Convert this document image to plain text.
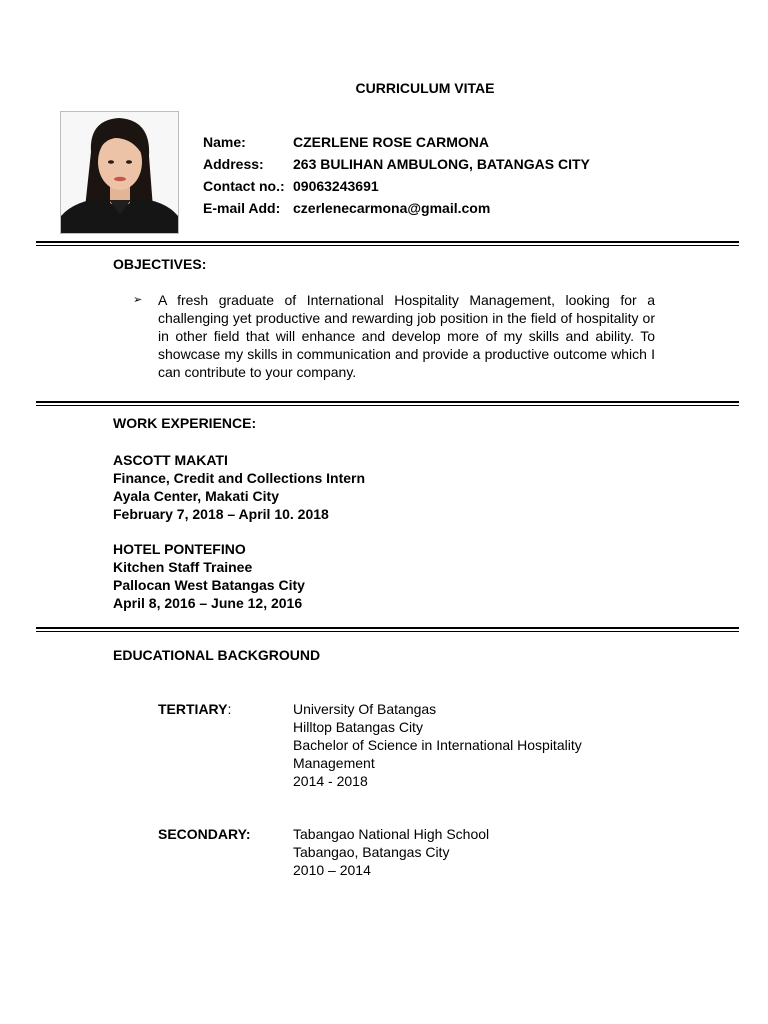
CURRICULUM VITAE
Name:	CZERLENE ROSE CARMONA
Address: 263 BULIHAN AMBULONG, BATANGAS CITY
Contact no.: 09063243691
E-mail Add: czerlenecarmona@gmail.com
OBJECTIVES:
➢ A fresh graduate of International Hospitality Management, looking for a challenging yet productive and rewarding job position in the field of hospitality or in other field that will enhance and develop more of my skills and ability. To showcase my skills in communication and provide a productive outcome which I can contribute to your company.
WORK EXPERIENCE:
ASCOTT MAKATI
Finance, Credit and Collections Intern
Ayala Center, Makati City
February 7, 2018 – April 10. 2018
HOTEL PONTEFINO
Kitchen Staff Trainee
Pallocan West Batangas City
April 8, 2016 – June 12, 2016
EDUCATIONAL BACKGROUND
TERTIARY:	University Of Batangas
Hilltop Batangas City
Bachelor of Science in International Hospitality
Management
2014 - 2018
SECONDARY:	Tabangao National High School
Tabangao, Batangas City
2010 – 2014
